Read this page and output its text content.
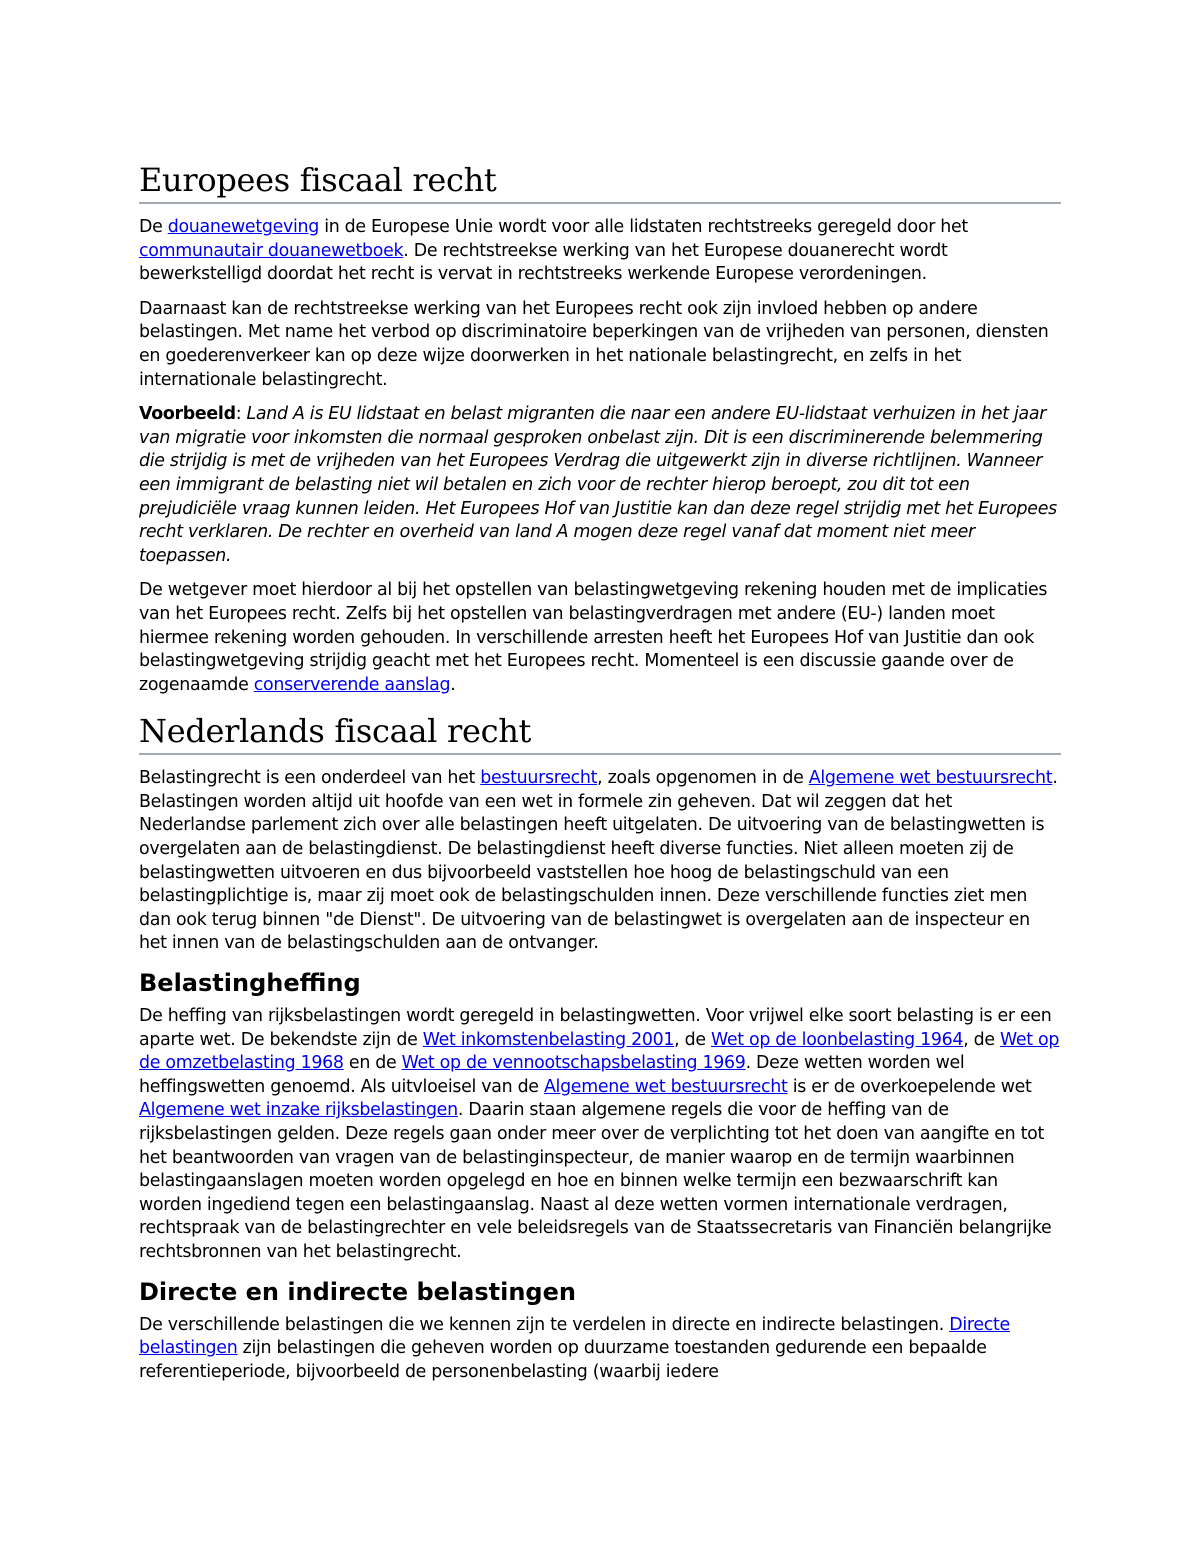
Europees fiscaal recht

De douanewetgeving in de Europese Unie wordt voor alle lidstaten rechtstreeks geregeld door het communautair douanewetboek. De rechtstreekse werking van het Europese douanerecht wordt bewerkstelligd doordat het recht is vervat in rechtstreeks werkende Europese verordeningen.

Daarnaast kan de rechtstreekse werking van het Europees recht ook zijn invloed hebben op andere belastingen. Met name het verbod op discriminatoire beperkingen van de vrijheden van personen, diensten en goederenverkeer kan op deze wijze doorwerken in het nationale belastingrecht, en zelfs in het internationale belastingrecht.

Voorbeeld: Land A is EU lidstaat en belast migranten die naar een andere EU-lidstaat verhuizen in het jaar van migratie voor inkomsten die normaal gesproken onbelast zijn. Dit is een discriminerende belemmering die strijdig is met de vrijheden van het Europees Verdrag die uitgewerkt zijn in diverse richtlijnen. Wanneer een immigrant de belasting niet wil betalen en zich voor de rechter hierop beroept, zou dit tot een prejudiciële vraag kunnen leiden. Het Europees Hof van Justitie kan dan deze regel strijdig met het Europees recht verklaren. De rechter en overheid van land A mogen deze regel vanaf dat moment niet meer toepassen.

De wetgever moet hierdoor al bij het opstellen van belastingwetgeving rekening houden met de implicaties van het Europees recht. Zelfs bij het opstellen van belastingverdragen met andere (EU-) landen moet hiermee rekening worden gehouden. In verschillende arresten heeft het Europees Hof van Justitie dan ook belastingwetgeving strijdig geacht met het Europees recht. Momenteel is een discussie gaande over de zogenaamde conserverende aanslag.

Nederlands fiscaal recht

Belastingrecht is een onderdeel van het bestuursrecht, zoals opgenomen in de Algemene wet bestuursrecht. Belastingen worden altijd uit hoofde van een wet in formele zin geheven. Dat wil zeggen dat het Nederlandse parlement zich over alle belastingen heeft uitgelaten. De uitvoering van de belastingwetten is overgelaten aan de belastingdienst. De belastingdienst heeft diverse functies. Niet alleen moeten zij de belastingwetten uitvoeren en dus bijvoorbeeld vaststellen hoe hoog de belastingschuld van een belastingplichtige is, maar zij moet ook de belastingschulden innen. Deze verschillende functies ziet men dan ook terug binnen "de Dienst". De uitvoering van de belastingwet is overgelaten aan de inspecteur en het innen van de belastingschulden aan de ontvanger.

Belastingheffing

De heffing van rijksbelastingen wordt geregeld in belastingwetten. Voor vrijwel elke soort belasting is er een aparte wet. De bekendste zijn de Wet inkomstenbelasting 2001, de Wet op de loonbelasting 1964, de Wet op de omzetbelasting 1968 en de Wet op de vennootschapsbelasting 1969. Deze wetten worden wel heffingswetten genoemd. Als uitvloeisel van de Algemene wet bestuursrecht is er de overkoepelende wet Algemene wet inzake rijksbelastingen. Daarin staan algemene regels die voor de heffing van de rijksbelastingen gelden. Deze regels gaan onder meer over de verplichting tot het doen van aangifte en tot het beantwoorden van vragen van de belastinginspecteur, de manier waarop en de termijn waarbinnen belastingaanslagen moeten worden opgelegd en hoe en binnen welke termijn een bezwaarschrift kan worden ingediend tegen een belastingaanslag. Naast al deze wetten vormen internationale verdragen, rechtspraak van de belastingrechter en vele beleidsregels van de Staatssecretaris van Financiën belangrijke rechtsbronnen van het belastingrecht.

Directe en indirecte belastingen

De verschillende belastingen die we kennen zijn te verdelen in directe en indirecte belastingen. Directe belastingen zijn belastingen die geheven worden op duurzame toestanden gedurende een bepaalde referentieperiode, bijvoorbeeld de personenbelasting (waarbij iedere
